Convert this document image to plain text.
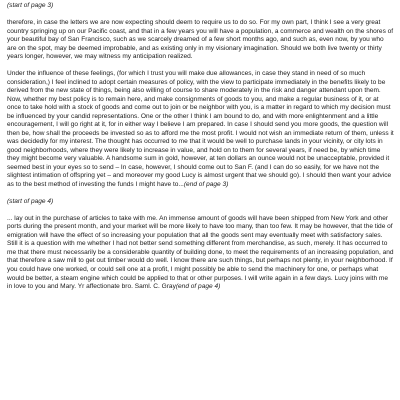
(start of page 3)

therefore, in case the letters we are now expecting should deem to require us to do so. For my own part, I think I see a very great country springing up on our Pacific coast, and that in a few years you will have a population, a commerce and wealth on the shores of your beautiful bay of San Francisco, such as we scarcely dreamed of a few short months ago, and such as, even now, by you who are on the spot, may be deemed improbable, and as existing only in my visionary imagination. Should we both live twenty or thirty years longer, however, we may witness my anticipation realized.

Under the influence of these feelings, (for which I trust you will make due allowances, in case they stand in need of so much consideration,) I feel inclined to adopt certain measures of policy, with the view to participate immediately in the benefits likely to be derived from the new state of things, being also willing of course to share moderately in the risk and danger attendant upon them. Now, whether my best policy is to remain here, and make consignments of goods to you, and make a regular business of it, or at once to take hold with a stock of goods and come out to join or be neighbor with you, is a matter in regard to which my decision must be influenced by your candid representations. One or the other I think I am bound to do, and with more enlightenment and a little encouragement, I will go right at it, for in either way I believe I am prepared. In case I should send you more goods, the question will then be, how shall the proceeds be invested so as to afford me the most profit. I would not wish an immediate return of them, unless it was decidedly for my interest. The thought has occurred to me that it would be well to purchase lands in your vicinity, or city lots in good neighborhoods, where they were likely to increase in value, and hold on to them for several years, if need be, by which time they might become very valuable. A handsome sum in gold, however, at ten dollars an ounce would not be unacceptable, provided it seemed best in your eyes so to send – In case, however, I should come out to San F. (and I can do so easily, for we have not the slightest intimation of offspring yet – and moreover my good Lucy is almost urgent that we should go). I should then want your advice as to the best method of investing the funds I might have to...(end of page 3)

(start of page 4)

... lay out in the purchase of articles to take with me. An immense amount of goods will have been shipped from New York and other ports during the present month, and your market will be more likely to have too many, than too few. It may be however, that the tide of emigration will have the effect of so increasing your population that all the goods sent may eventually meet with satisfactory sales. Still it is a question with me whether I had not better send something different from merchandise, as such, merely. It has occurred to me that there must necessarily be a considerable quantity of building done, to meet the requirements of an increasing population, and that therefore a saw mill to get out timber would do well. I know there are such things, but perhaps not plenty, in your neighborhood. If you could have one worked, or could sell one at a profit, I might possibly be able to send the machinery for one, or perhaps what would be better, a steam engine which could be applied to that or other purposes. I will write again in a few days. Lucy joins with me in love to you and Mary. Yr affectionate bro. Saml. C. Gray(end of page 4)
